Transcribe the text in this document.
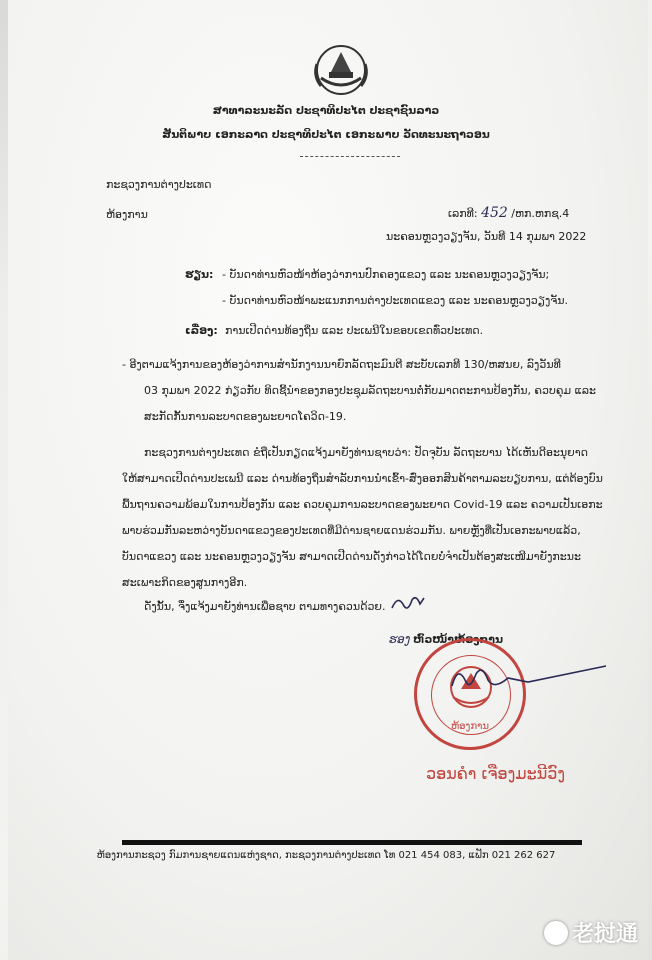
ສາທາລະນະລັດ ປະຊາທິປະໄຕ ປະຊາຊົນລາວ
ສັນຕິພາບ ເອກະລາດ ປະຊາທິປະໄຕ ເອກະພາບ ວັດທະນະຖາວອນ
ກະຊວງການຕ່າງປະເທດ
ຫ້ອງການ	ເລກທີ: 452 /ຫກ.ຫກຊ.4
ນະຄອນຫຼວງວຽງຈັນ, ວັນທີ 14 ກຸມພາ 2022
ຮຽນ: - ບັນດາທ່ານຫົວໜ້າຫ້ອງວ່າການປົກຄອງແຂວງ ແລະ ນະຄອນຫຼວງວຽງຈັນ;
- ບັນດາທ່ານຫົວໜ້າພະແນກການຕ່າງປະເທດແຂວງ ແລະ ນະຄອນຫຼວງວຽງຈັນ.
ເລື່ອງ: ການເປີດດ່ານທ້ອງຖິ່ນ ແລະ ປະເພນີໃນຂອບເຂດທົ່ວປະເທດ.
- ອີງຕາມແຈ້ງການຂອງຫ້ອງວ່າການສຳນັກງານນາຍົກລັດຖະມົນຕີ ສະບັບເລກທີ 130/ຫສນຍ, ລົງວັນທີ
03 ກຸມພາ 2022 ກ່ຽວກັບ ທິດຊີ້ນຳຂອງກອງປະຊຸມລັດຖະບານຕໍ່ກັບມາດຕະການປ້ອງກັນ, ຄວບຄຸມ ແລະ
ສະກັດກັ້ນການລະບາດຂອງພະຍາດໂຄວິດ-19.
ກະຊວງການຕ່າງປະເທດ ຂໍຖືເປັນກຽດແຈ້ງມາຍັງທ່ານຊາບວ່າ: ປັດຈຸບັນ ລັດຖະບານ ໄດ້ເຫັນດີອະນຸຍາດ
ໃຫ້ສາມາດເປີດດ່ານປະເພນີ ແລະ ດ່ານທ້ອງຖິ່ນສຳລັບການນຳເຂົ້າ-ສົ່ງອອກສິນຄ້າຕາມລະບຽບການ, ແຕ່ຕ້ອງບົນ
ພື້ນຖານຄວາມພ້ອມໃນການປ້ອງກັນ ແລະ ຄວບຄຸມການລະບາດຂອງພະຍາດ Covid-19 ແລະ ຄວາມເປັນເອກະ
ພາບຮ່ວມກັນລະຫວ່າງບັນດາແຂວງຂອງປະເທດທີ່ມີດ່ານຊາຍແດນຮ່ວມກັນ. ພາຍຫຼັງທີ່ເປັນເອກະພາບແລ້ວ,
ບັນດາແຂວງ ແລະ ນະຄອນຫຼວງວຽງຈັນ ສາມາດເປີດດ່ານດັ່ງກ່າວໄດ້ໂດຍບໍ່ຈຳເປັນຕ້ອງສະເໜີມາຍັງກະນະ
ສະເພາະກິດຂອງສູນກາງອີກ.
ດັ່ງນັ້ນ, ຈຶ່ງແຈ້ງມາຍັງທ່ານເພື່ອຊາບ ຕາມທາງຄວນດ້ວຍ.
ຮອງ ຫົວໜ້າຫ້ອງການ
ຫ້ອງການ
ວອນຄຳ ເຈືອງມະນີວົງ
ຫ້ອງການກະຊວງ ກົມການຊາຍແດນແຫ່ງຊາດ, ກະຊວງການຕ່າງປະເທດ ໂທ 021 454 083, ແຟັກ 021 262 627
老挝通
